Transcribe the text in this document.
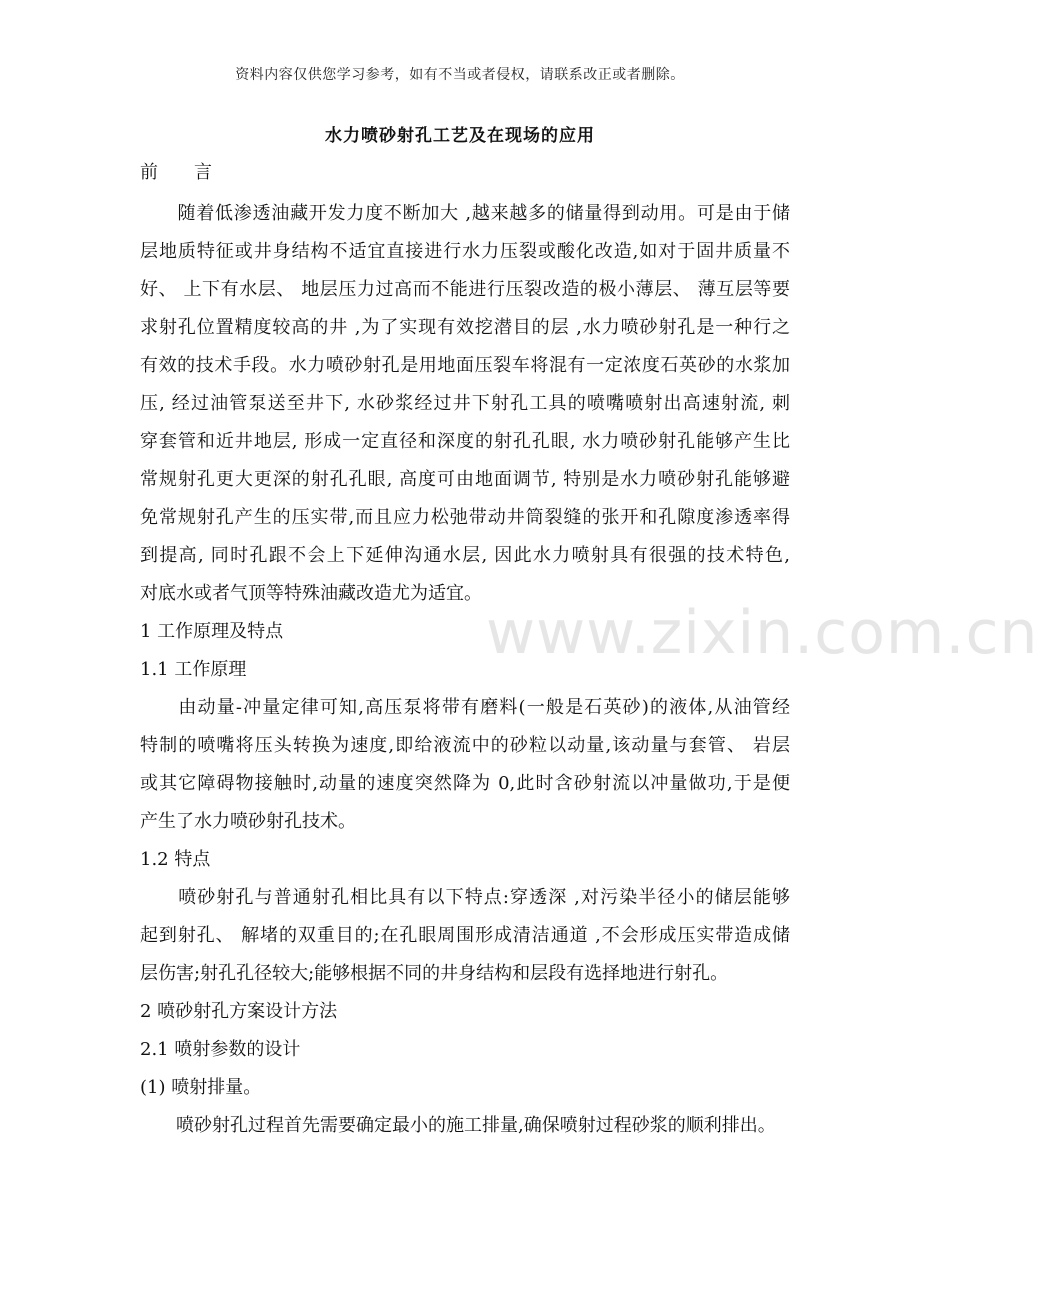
资料内容仅供您学习参考，如有不当或者侵权，请联系改正或者删除。
水力喷砂射孔工艺及在现场的应用
www.zixin.com.cn
前　　言
　　随着低渗透油藏开发力度不断加大 ,越来越多的储量得到动用。可是由于储
层地质特征或井身结构不适宜直接进行水力压裂或酸化改造,如对于固井质量不
好、 上下有水层、 地层压力过高而不能进行压裂改造的极小薄层、 薄互层等要
求射孔位置精度较高的井 ,为了实现有效挖潜目的层 ,水力喷砂射孔是一种行之
有效的技术手段。水力喷砂射孔是用地面压裂车将混有一定浓度石英砂的水浆加
压, 经过油管泵送至井下, 水砂浆经过井下射孔工具的喷嘴喷射出高速射流, 刺
穿套管和近井地层, 形成一定直径和深度的射孔孔眼, 水力喷砂射孔能够产生比
常规射孔更大更深的射孔孔眼, 高度可由地面调节, 特别是水力喷砂射孔能够避
免常规射孔产生的压实带,而且应力松弛带动井筒裂缝的张开和孔隙度渗透率得
到提高, 同时孔跟不会上下延伸沟通水层, 因此水力喷射具有很强的技术特色,
对底水或者气顶等特殊油藏改造尤为适宜。
1 工作原理及特点
1.1 工作原理
　　由动量-冲量定律可知,高压泵将带有磨料(一般是石英砂)的液体,从油管经
特制的喷嘴将压头转换为速度,即给液流中的砂粒以动量,该动量与套管、 岩层
或其它障碍物接触时,动量的速度突然降为 0,此时含砂射流以冲量做功,于是便
产生了水力喷砂射孔技术。
1.2 特点
　　喷砂射孔与普通射孔相比具有以下特点:穿透深 ,对污染半径小的储层能够
起到射孔、 解堵的双重目的;在孔眼周围形成清洁通道 ,不会形成压实带造成储
层伤害;射孔孔径较大;能够根据不同的井身结构和层段有选择地进行射孔。
2 喷砂射孔方案设计方法
2.1 喷射参数的设计
(1) 喷射排量。
　　喷砂射孔过程首先需要确定最小的施工排量,确保喷射过程砂浆的顺利排出。
